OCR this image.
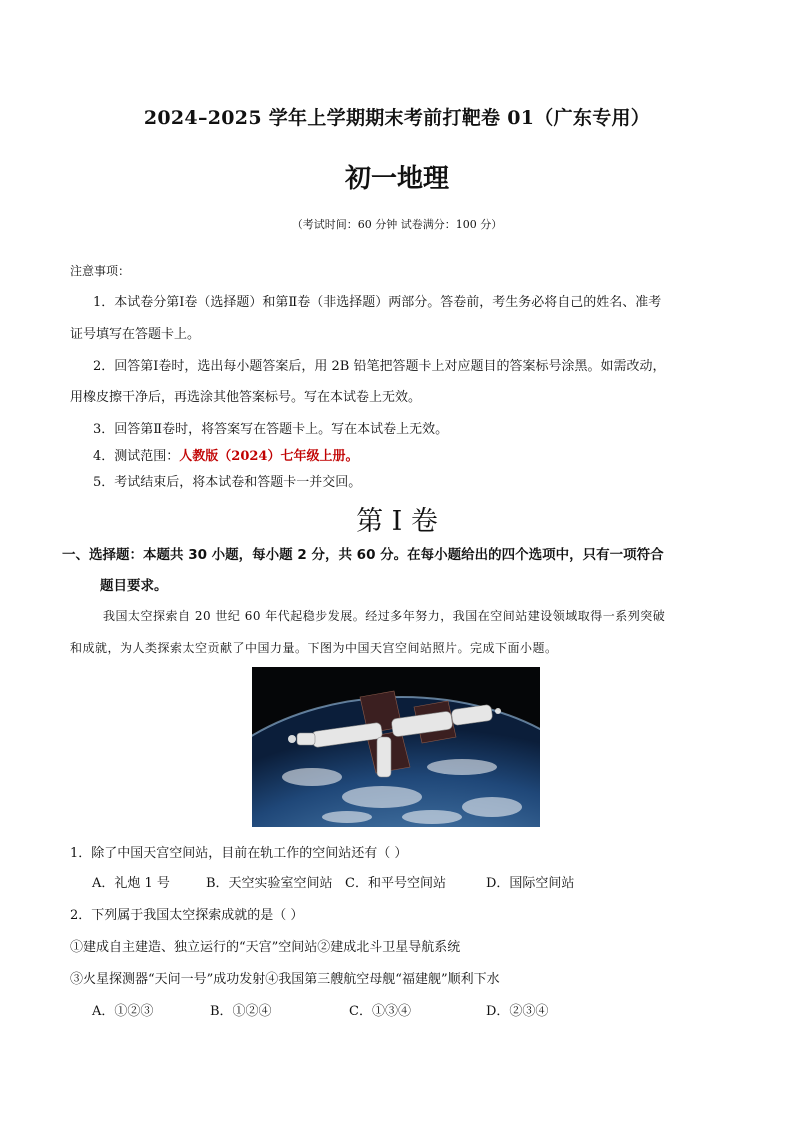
2024–2025 学年上学期期末考前打靶卷 01（广东专用）
初一地理
（考试时间：60 分钟 试卷满分：100 分）
注意事项：
1．本试卷分第Ⅰ卷（选择题）和第Ⅱ卷（非选择题）两部分。答卷前，考生务必将自己的姓名、准考
证号填写在答题卡上。
2．回答第Ⅰ卷时，选出每小题答案后，用 2B 铅笔把答题卡上对应题目的答案标号涂黑。如需改动，
用橡皮擦干净后，再选涂其他答案标号。写在本试卷上无效。
3．回答第Ⅱ卷时，将答案写在答题卡上。写在本试卷上无效。
4．测试范围：人教版（2024）七年级上册。
5．考试结束后，将本试卷和答题卡一并交回。
第 I 卷
一、选择题：本题共 30 小题，每小题 2 分，共 60 分。在每小题给出的四个选项中，只有一项符合
题目要求。
我国太空探索自 20 世纪 60 年代起稳步发展。经过多年努力，我国在空间站建设领域取得一系列突破
和成就，为人类探索太空贡献了中国力量。下图为中国天宫空间站照片。完成下面小题。
1．除了中国天宫空间站，目前在轨工作的空间站还有（ ）
A．礼炮 1 号	B．天空实验室空间站 C．和平号空间站	D．国际空间站
2．下列属于我国太空探索成就的是（ ）
①建成自主建造、独立运行的“天宫”空间站②建成北斗卫星导航系统
③火星探测器“天问一号”成功发射④我国第三艘航空母舰“福建舰”顺利下水
A．①②③	B．①②④	C．①③④	D．②③④
